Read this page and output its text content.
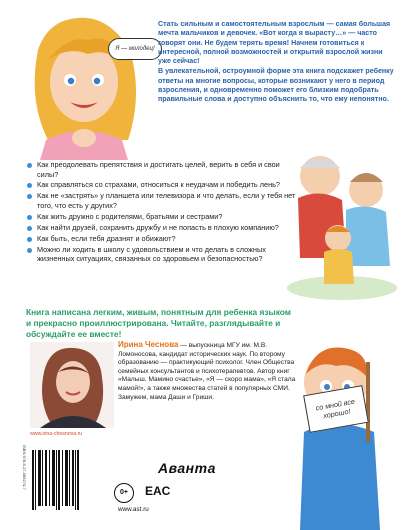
Я — молодец!

Стать сильным и самостоятельным взрослым — самая большая мечта мальчиков и девочек. «Вот когда я вырасту…» — часто говорят они. Не будем терять время! Начнем готовиться к интересной, полной возможностей и открытий взрослой жизни уже сейчас!

В увлекательной, остроумной форме эта книга подскажет ребенку ответы на многие вопросы, которые возникают у него в период взросления, и одновременно поможет его близким подобрать правильные слова и доступно объяснить то, что ему непонятно.

Как преодолевать препятствия и достигать целей, верить в себя и свои силы?
Как справляться со страхами, относиться к неудачам и победить лень?
Как не «застрять» у планшета или телевизора и что делать, если у тебя нет того, что есть у других?
Как жить дружно с родителями, братьями и сестрами?
Как найти друзей, сохранить дружбу и не попасть в плохую компанию?
Как быть, если тебя дразнят и обижают?
Можно ли ходить в школу с удовольствием и что делать в сложных жизненных ситуациях, связанных со здоровьем и безопасностью?
Книга написана легким, живым, понятным для ребенка языком и прекрасно проиллюстрирована. Читайте, разглядывайте и обсуждайте ее вместе!
www.irina-chesnova.ru
Ирина Чеснова — выпускница МГУ им. М.В. Ломоносова, кандидат исторических наук. По второму образованию — практикующий психолог. Член Общества семейных консультантов и психотерапевтов. Автор книг «Малыш. Мамино счастье», «Я — скоро мама», «Я стала мамой!», а также множества статей в популярных СМИ.
Замужем, мама Даши и Гриши.	со мной все хорошо!
Аванта
ISBN 978-5-17-089274-7
0+	EAC
www.ast.ru
